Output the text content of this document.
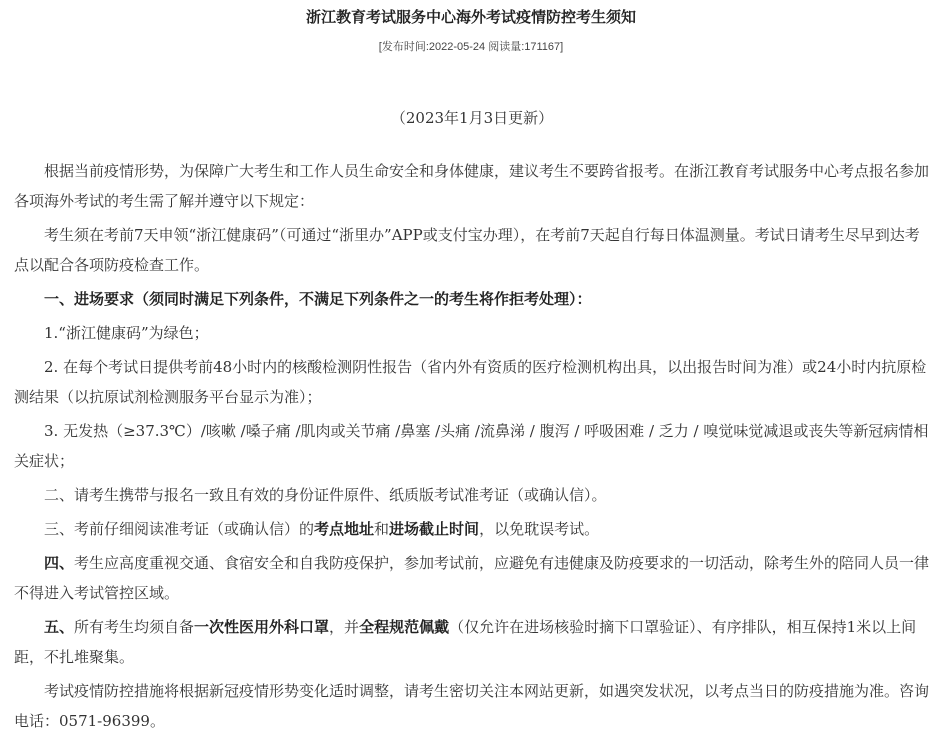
浙江教育考试服务中心海外考试疫情防控考生须知
[发布时间:2022-05-24 阅读量:171167]

（2023年1月3日更新）

根据当前疫情形势，为保障广大考生和工作人员生命安全和身体健康，建议考生不要跨省报考。在浙江教育考试服务中心考点报名参加各项海外考试的考生需了解并遵守以下规定：

考生须在考前7天申领“浙江健康码”（可通过“浙里办”APP或支付宝办理），在考前7天起自行每日体温测量。考试日请考生尽早到达考点以配合各项防疫检查工作。

一、进场要求（须同时满足下列条件，不满足下列条件之一的考生将作拒考处理）：

1.“浙江健康码”为绿色；

2. 在每个考试日提供考前48小时内的核酸检测阴性报告（省内外有资质的医疗检测机构出具，以出报告时间为准）或24小时内抗原检测结果（以抗原试剂检测服务平台显示为准）；

3. 无发热（≥37.3℃）/咳嗽 /嗓子痛 /肌肉或关节痛 /鼻塞 /头痛 /流鼻涕 / 腹泻 / 呼吸困难 / 乏力 / 嗅觉味觉减退或丧失等新冠病情相关症状；

二、请考生携带与报名一致且有效的身份证件原件、纸质版考试准考证（或确认信）。

三、考前仔细阅读准考证（或确认信）的考点地址和进场截止时间，以免耽误考试。

四、考生应高度重视交通、食宿安全和自我防疫保护，参加考试前，应避免有违健康及防疫要求的一切活动，除考生外的陪同人员一律不得进入考试管控区域。

五、所有考生均须自备一次性医用外科口罩，并全程规范佩戴（仅允许在进场核验时摘下口罩验证）、有序排队，相互保持1米以上间距，不扎堆聚集。

考试疫情防控措施将根据新冠疫情形势变化适时调整，请考生密切关注本网站更新，如遇突发状况，以考点当日的防疫措施为准。咨询电话：0571-96399。
